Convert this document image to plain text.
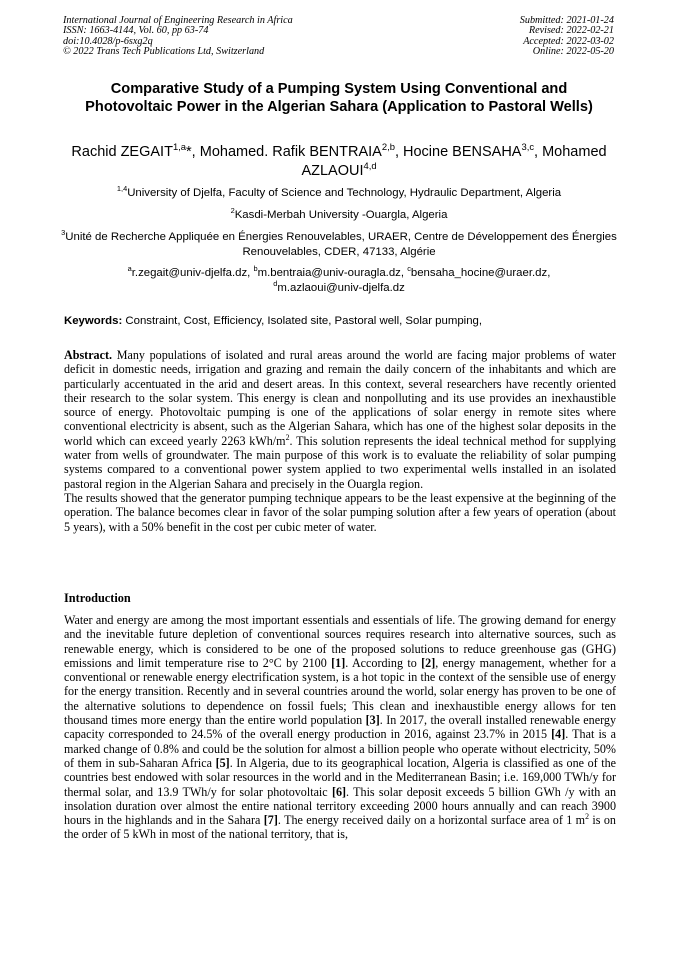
International Journal of Engineering Research in Africa
ISSN: 1663-4144, Vol. 60, pp 63-74
doi:10.4028/p-6sxg2q
© 2022 Trans Tech Publications Ltd, Switzerland
Submitted: 2021-01-24
Revised: 2022-02-21
Accepted: 2022-03-02
Online: 2022-05-20
Comparative Study of a Pumping System Using Conventional and Photovoltaic Power in the Algerian Sahara (Application to Pastoral Wells)
Rachid ZEGAIT$^{1,a}$*, Mohamed. Rafik BENTRAIA$^{2,b}$, Hocine BENSAHA$^{3,c}$, Mohamed AZLAOUI$^{4,d}$
$^{1,4}$University of Djelfa, Faculty of Science and Technology, Hydraulic Department, Algeria
$^2$Kasdi-Merbah University -Ouargla, Algeria
$^3$Unité de Recherche Appliquée en Énergies Renouvelables, URAER, Centre de Développement des Énergies Renouvelables, CDER, 47133, Algérie
$^a$r.zegait@univ-djelfa.dz, $^b$m.bentraia@univ-ouragla.dz, $^c$bensaha_hocine@uraer.dz,
$^d$m.azlaoui@univ-djelfa.dz
Keywords: Constraint, Cost, Efficiency, Isolated site, Pastoral well, Solar pumping,

Abstract. Many populations of isolated and rural areas around the world are facing major problems of water deficit in domestic needs, irrigation and grazing and remain the daily concern of the inhabitants and which are particularly accentuated in the arid and desert areas. In this context, several researchers have recently oriented their research to the solar system. This energy is clean and nonpolluting and its use provides an inexhaustible source of energy. Photovoltaic pumping is one of the applications of solar energy in remote sites where conventional electricity is absent, such as the Algerian Sahara, which has one of the highest solar deposits in the world which can exceed yearly 2263 kWh/$m^2$. This solution represents the ideal technical method for supplying water from wells of groundwater. The main purpose of this work is to evaluate the reliability of solar pumping systems compared to a conventional power system applied to two experimental wells installed in an isolated pastoral region in the Algerian Sahara and precisely in the Ouargla region.

The results showed that the generator pumping technique appears to be the least expensive at the beginning of the operation. The balance becomes clear in favor of the solar pumping solution after a few years of operation (about 5 years), with a 50% benefit in the cost per cubic meter of water.

Introduction

Water and energy are among the most important essentials and essentials of life. The growing demand for energy and the inevitable future depletion of conventional sources requires research into alternative sources, such as renewable energy, which is considered to be one of the proposed solutions to reduce greenhouse gas (GHG) emissions and limit temperature rise to 2°C by 2100 [1]. According to [2], energy management, whether for a conventional or renewable energy electrification system, is a hot topic in the context of the sensible use of energy for the energy transition. Recently and in several countries around the world, solar energy has proven to be one of the alternative solutions to dependence on fossil fuels; This clean and inexhaustible energy allows for ten thousand times more energy than the entire world population [3]. In 2017, the overall installed renewable energy capacity corresponded to 24.5% of the overall energy production in 2016, against 23.7% in 2015 [4]. That is a marked change of 0.8% and could be the solution for almost a billion people who operate without electricity, 50% of them in sub-Saharan Africa [5]. In Algeria, due to its geographical location, Algeria is classified as one of the countries best endowed with solar resources in the world and in the Mediterranean Basin; i.e. 169,000 TWh/y for thermal solar, and 13.9 TWh/y for solar photovoltaic [6]. This solar deposit exceeds 5 billion GWh /y with an insolation duration over almost the entire national territory exceeding 2000 hours annually and can reach 3900 hours in the highlands and in the Sahara [7]. The energy received daily on a horizontal surface area of 1 $m^2$ is on the order of 5 kWh in most of the national territory, that is,
